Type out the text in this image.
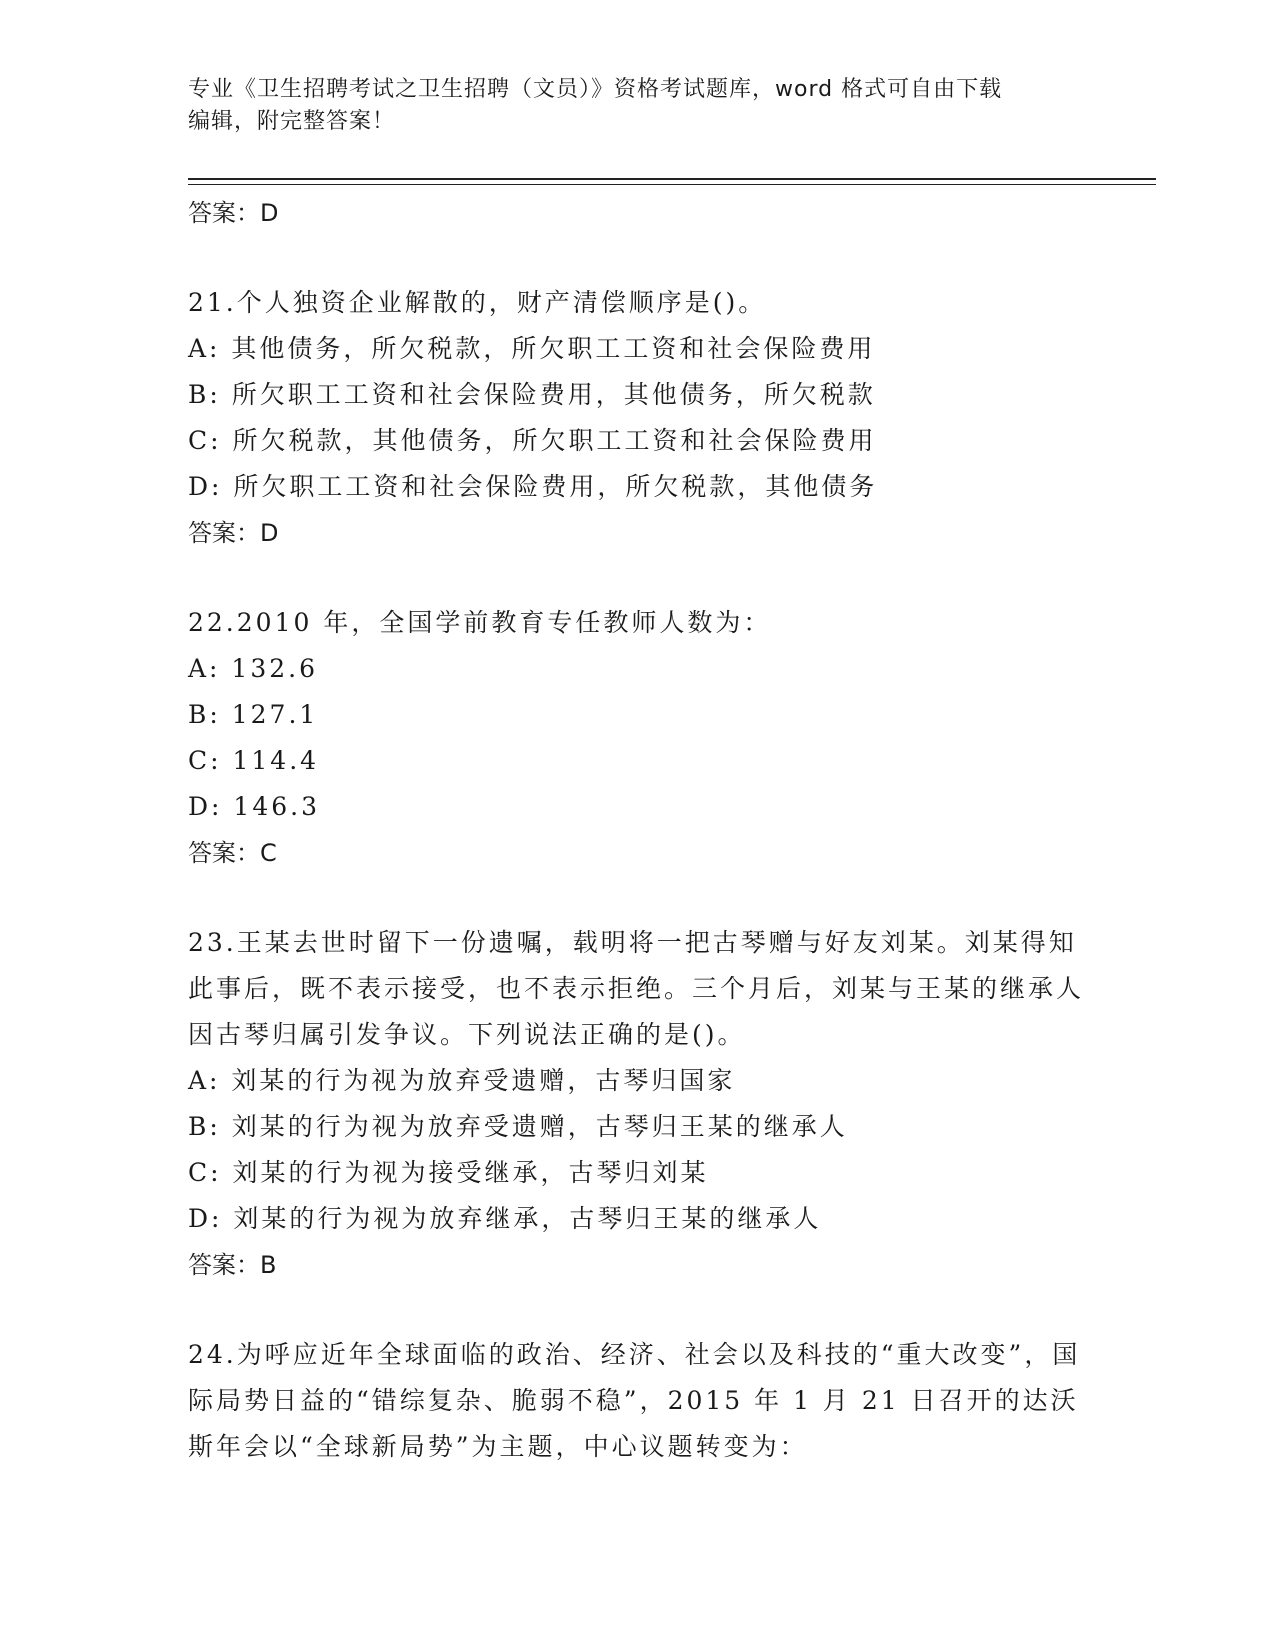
专业《卫生招聘考试之卫生招聘（文员）》资格考试题库，word 格式可自由下载
编辑，附完整答案！

答案：D

21.个人独资企业解散的，财产清偿顺序是()。

A: 其他债务，所欠税款，所欠职工工资和社会保险费用

B: 所欠职工工资和社会保险费用，其他债务，所欠税款

C: 所欠税款，其他债务，所欠职工工资和社会保险费用

D: 所欠职工工资和社会保险费用，所欠税款，其他债务

答案：D

22.2010 年，全国学前教育专任教师人数为：

A: 132.6

B: 127.1

C: 114.4

D: 146.3

答案：C

23.王某去世时留下一份遗嘱，载明将一把古琴赠与好友刘某。刘某得知此事后，既不表示接受，也不表示拒绝。三个月后，刘某与王某的继承人因古琴归属引发争议。下列说法正确的是()。

A: 刘某的行为视为放弃受遗赠，古琴归国家

B: 刘某的行为视为放弃受遗赠，古琴归王某的继承人

C: 刘某的行为视为接受继承，古琴归刘某

D: 刘某的行为视为放弃继承，古琴归王某的继承人

答案：B

24.为呼应近年全球面临的政治、经济、社会以及科技的“重大改变”，国际局势日益的“错综复杂、脆弱不稳”，2015 年 1 月 21 日召开的达沃斯年会以“全球新局势”为主题，中心议题转变为：
